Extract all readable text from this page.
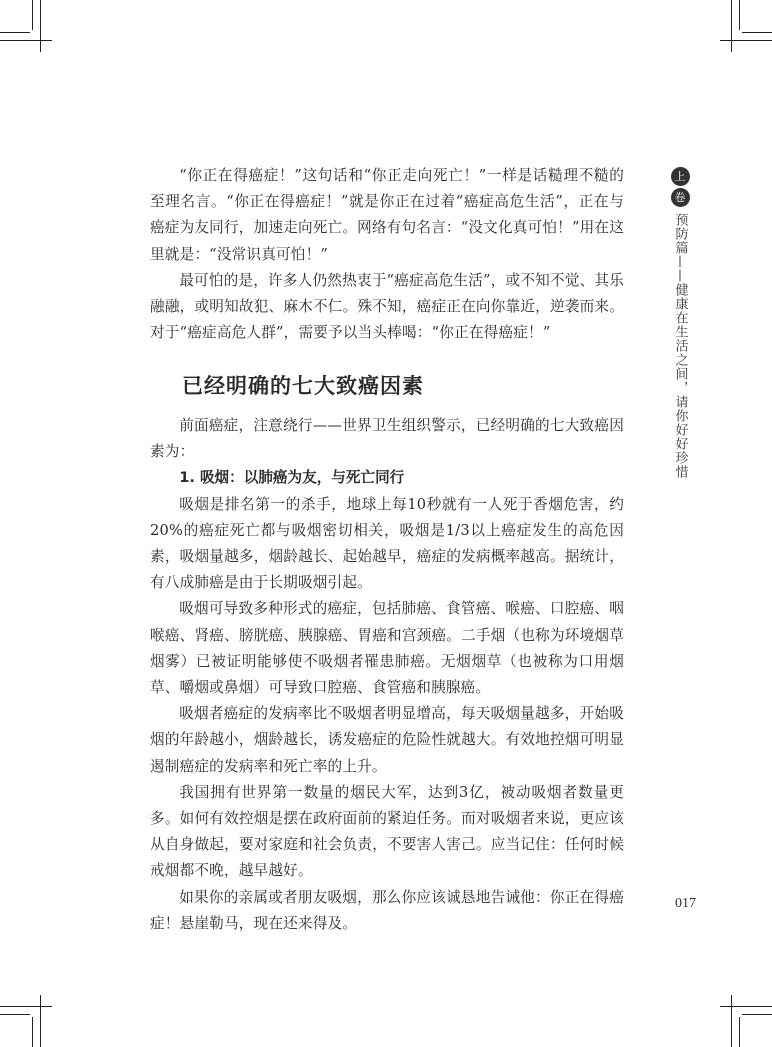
“你正在得癌症！”这句话和“你正走向死亡！”一样是话糙理不糙的至理名言。“你正在得癌症！”就是你正在过着“癌症高危生活”，正在与癌症为友同行，加速走向死亡。网络有句名言：“没文化真可怕！”用在这里就是：“没常识真可怕！”

最可怕的是，许多人仍然热衷于“癌症高危生活”，或不知不觉、其乐融融，或明知故犯、麻木不仁。殊不知，癌症正在向你靠近，逆袭而来。对于“癌症高危人群”，需要予以当头棒喝：“你正在得癌症！”

已经明确的七大致癌因素

前面癌症，注意绕行——世界卫生组织警示，已经明确的七大致癌因素为：

1. 吸烟：以肺癌为友，与死亡同行

吸烟是排名第一的杀手，地球上每10秒就有一人死于香烟危害，约20%的癌症死亡都与吸烟密切相关，吸烟是1/3以上癌症发生的高危因素，吸烟量越多，烟龄越长、起始越早，癌症的发病概率越高。据统计，有八成肺癌是由于长期吸烟引起。

吸烟可导致多种形式的癌症，包括肺癌、食管癌、喉癌、口腔癌、咽喉癌、肾癌、膀胱癌、胰腺癌、胃癌和宫颈癌。二手烟（也称为环境烟草烟雾）已被证明能够使不吸烟者罹患肺癌。无烟烟草（也被称为口用烟草、嚼烟或鼻烟）可导致口腔癌、食管癌和胰腺癌。

吸烟者癌症的发病率比不吸烟者明显增高，每天吸烟量越多，开始吸烟的年龄越小，烟龄越长，诱发癌症的危险性就越大。有效地控烟可明显遏制癌症的发病率和死亡率的上升。

我国拥有世界第一数量的烟民大军，达到3亿，被动吸烟者数量更多。如何有效控烟是摆在政府面前的紧迫任务。而对吸烟者来说，更应该从自身做起，要对家庭和社会负责，不要害人害己。应当记住：任何时候戒烟都不晚，越早越好。

如果你的亲属或者朋友吸烟，那么你应该诚恳地告诫他：你正在得癌症！悬崖勒马，现在还来得及。

上
卷
预防篇——健康在生活之间，请你好好珍惜
017
